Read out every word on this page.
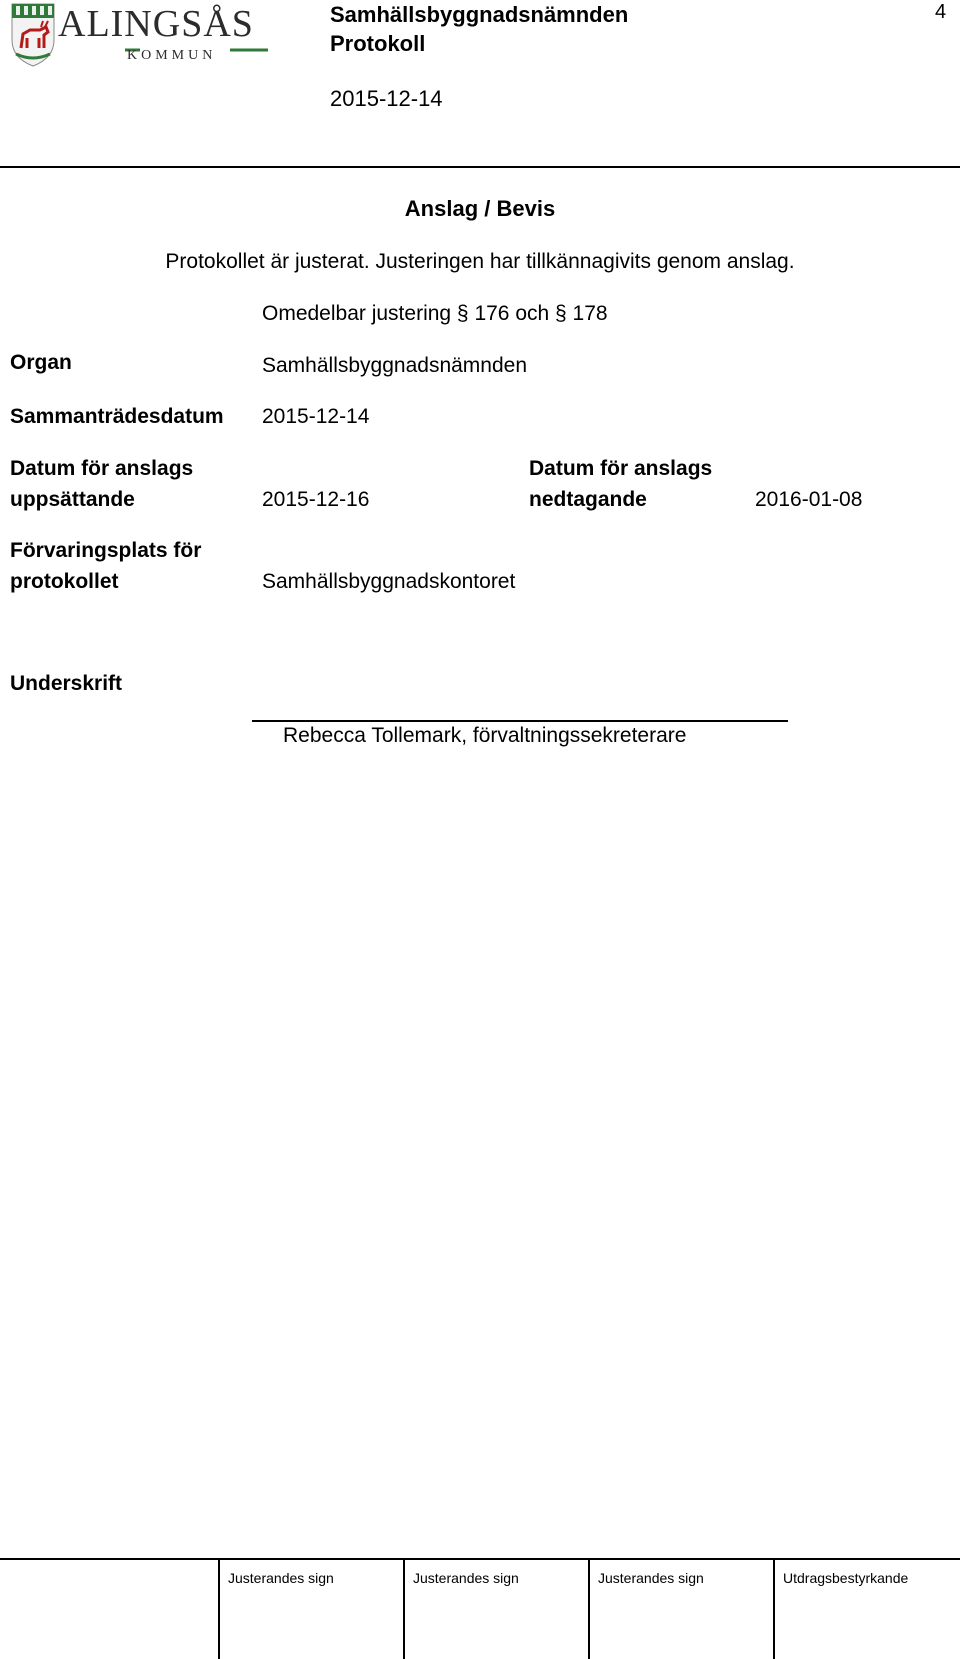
ALINGSÅS
KOMMUN
Samhällsbyggnadsnämnden
Protokoll
2015-12-14
4
Anslag / Bevis
Protokollet är justerat. Justeringen har tillkännagivits genom anslag.
Omedelbar justering § 176 och § 178
Organ	Samhällsbyggnadsnämnden
Sammanträdesdatum 2015-12-14
Datum för anslags
uppsättande	2015-12-16
Datum för anslags
nedtagande	2016-01-08
Förvaringsplats för
protokollet	Samhällsbyggnadskontoret
Underskrift
Rebecca Tollemark, förvaltningssekreterare
Justerandes sign	Justerandes sign	Justerandes sign	Utdragsbestyrkande
